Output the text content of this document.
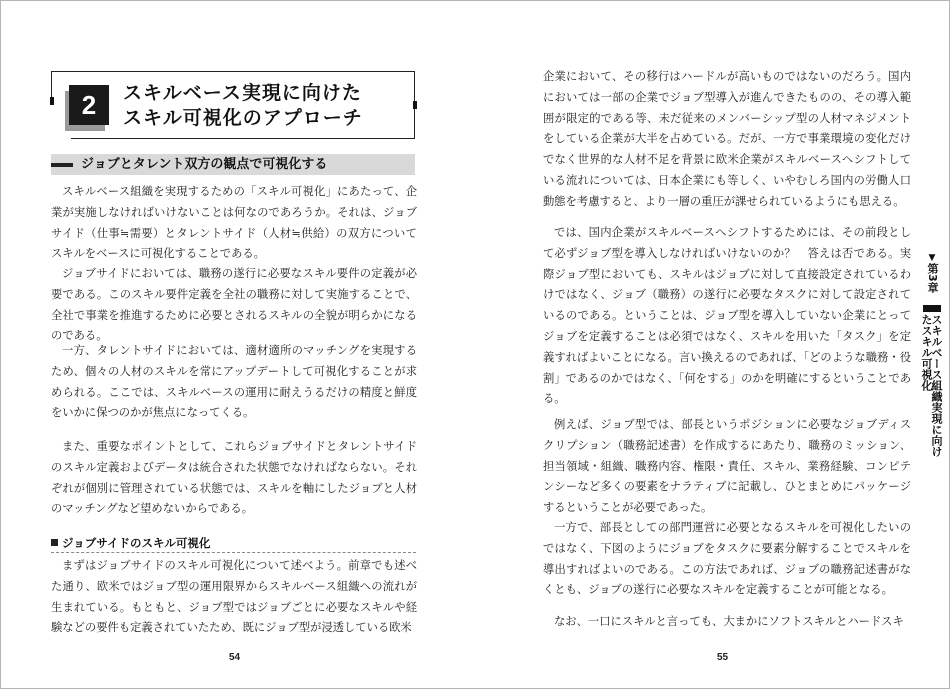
2	スキルベース実現に向けた
スキル可視化のアプローチ
ジョブとタレント双方の観点で可視化する

スキルベース組織を実現するための「スキル可視化」にあたって、企業が実施しなければいけないことは何なのであろうか。それは、ジョブサイド（仕事≒需要）とタレントサイド（人材≒供給）の双方についてスキルをベースに可視化することである。

ジョブサイドにおいては、職務の遂行に必要なスキル要件の定義が必要である。このスキル要件定義を全社の職務に対して実施することで、全社で事業を推進するために必要とされるスキルの全貌が明らかになるのである。

一方、タレントサイドにおいては、適材適所のマッチングを実現するため、個々の人材のスキルを常にアップデートして可視化することが求められる。ここでは、スキルベースの運用に耐えうるだけの精度と鮮度をいかに保つのかが焦点になってくる。

また、重要なポイントとして、これらジョブサイドとタレントサイドのスキル定義およびデータは統合された状態でなければならない。それぞれが個別に管理されている状態では、スキルを軸にしたジョブと人材のマッチングなど望めないからである。

ジョブサイドのスキル可視化

まずはジョブサイドのスキル可視化について述べよう。前章でも述べた通り、欧米ではジョブ型の運用限界からスキルベース組織への流れが生まれている。もともと、ジョブ型ではジョブごとに必要なスキルや経験などの要件も定義されていたため、既にジョブ型が浸透している欧米

54

企業において、その移行はハードルが高いものではないのだろう。国内においては一部の企業でジョブ型導入が進んできたものの、その導入範囲が限定的である等、未だ従来のメンバーシップ型の人材マネジメントをしている企業が大半を占めている。だが、一方で事業環境の変化だけでなく世界的な人材不足を背景に欧米企業がスキルベースへシフトしている流れについては、日本企業にも等しく、いやむしろ国内の労働人口動態を考慮すると、より一層の重圧が課せられているようにも思える。

では、国内企業がスキルベースへシフトするためには、その前段として必ずジョブ型を導入しなければいけないのか？　答えは否である。実際ジョブ型においても、スキルはジョブに対して直接設定されているわけではなく、ジョブ（職務）の遂行に必要なタスクに対して設定されているのである。ということは、ジョブ型を導入していない企業にとってジョブを定義することは必須ではなく、スキルを用いた「タスク」を定義すればよいことになる。言い換えるのであれば、「どのような職務・役割」であるのかではなく、「何をする」のかを明確にするということである。

例えば、ジョブ型では、部長というポジションに必要なジョブディスクリプション（職務記述書）を作成するにあたり、職務のミッション、担当領域・組織、職務内容、権限・責任、スキル、業務経験、コンピテンシーなど多くの要素をナラティブに記載し、ひとまとめにパッケージするということが必要であった。

一方で、部長としての部門運営に必要となるスキルを可視化したいのではなく、下図のようにジョブをタスクに要素分解することでスキルを導出すればよいのである。この方法であれば、ジョブの職務記述書がなくとも、ジョブの遂行に必要なスキルを定義することが可能となる。

なお、一口にスキルと言っても、大まかにソフトスキルとハードスキ

55
▼
第3章
スキルベース組織実現に向けたスキル可視化
